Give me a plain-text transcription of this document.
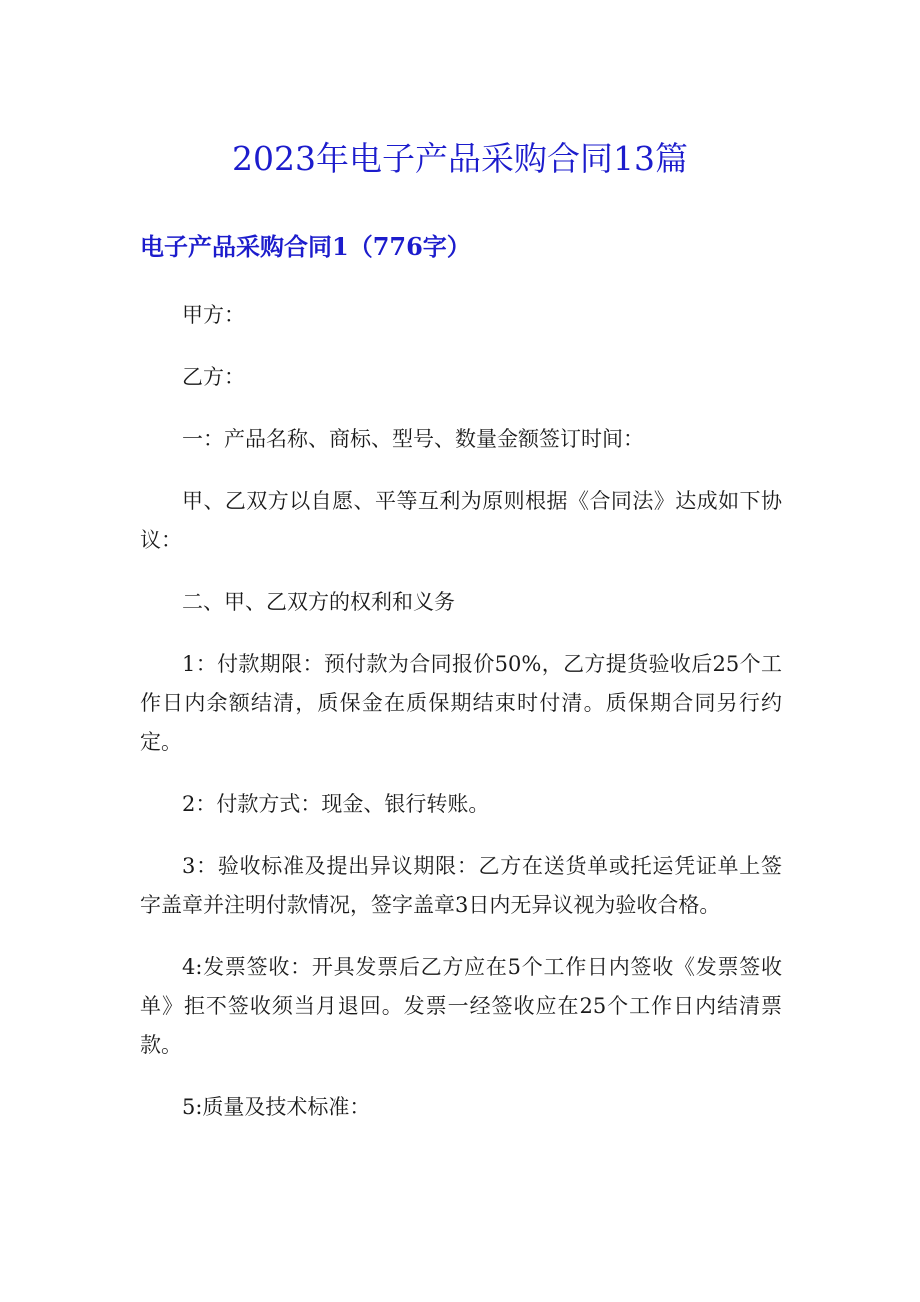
2023年电子产品采购合同13篇
电子产品采购合同1（776字）

甲方：

乙方：

一：产品名称、商标、型号、数量金额签订时间：

甲、乙双方以自愿、平等互利为原则根据《合同法》达成如下协议：

二、甲、乙双方的权利和义务

1：付款期限：预付款为合同报价50%，乙方提货验收后25个工作日内余额结清，质保金在质保期结束时付清。质保期合同另行约定。

2：付款方式：现金、银行转账。

3：验收标准及提出异议期限：乙方在送货单或托运凭证单上签字盖章并注明付款情况，签字盖章3日内无异议视为验收合格。

4:发票签收：开具发票后乙方应在5个工作日内签收《发票签收单》拒不签收须当月退回。发票一经签收应在25个工作日内结清票款。

5:质量及技术标准：
